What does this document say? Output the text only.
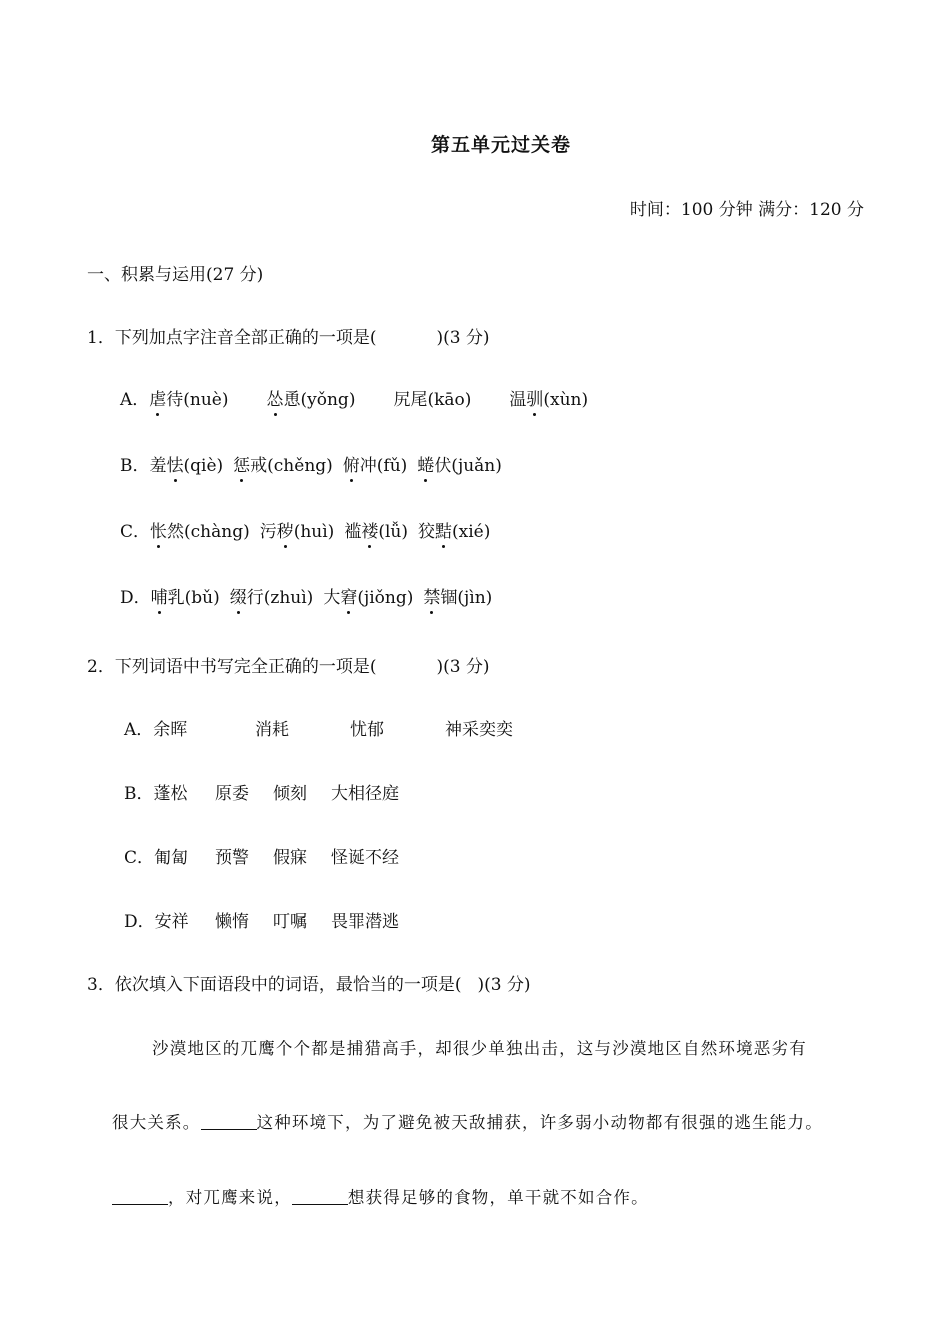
第五单元过关卷
时间：100 分钟 满分：120 分
一、积累与运用(27 分)
1．下列加点字注音全部正确的一项是(	)(3 分)
A．虐待(nuè) 怂恿(yǒng) 尻尾(kāo) 温驯(xùn)
B．羞怯(qiè) 惩戒(chěng) 俯冲(fǔ) 蜷伏(juǎn)
C．怅然(chàng) 污秽(huì) 褴褛(lǚ) 狡黠(xié)
D．哺乳(bǔ) 缀行(zhuì) 大窘(jiǒng) 禁锢(jìn)
2．下列词语中书写完全正确的一项是(	)(3 分)
A．余晖	消耗	忧郁	神采奕奕
B．蓬松 原委 倾刻 大相径庭
C．匍匐 预警 假寐 怪诞不经
D．安祥 懒惰 叮嘱 畏罪潜逃
3．依次填入下面语段中的词语，最恰当的一项是( )(3 分)
沙漠地区的兀鹰个个都是捕猎高手，却很少单独出击，这与沙漠地区自然环境恶劣有
很大关系。	这种环境下，为了避免被天敌捕获，许多弱小动物都有很强的逃生能力。
，对兀鹰来说，	想获得足够的食物，单干就不如合作。
